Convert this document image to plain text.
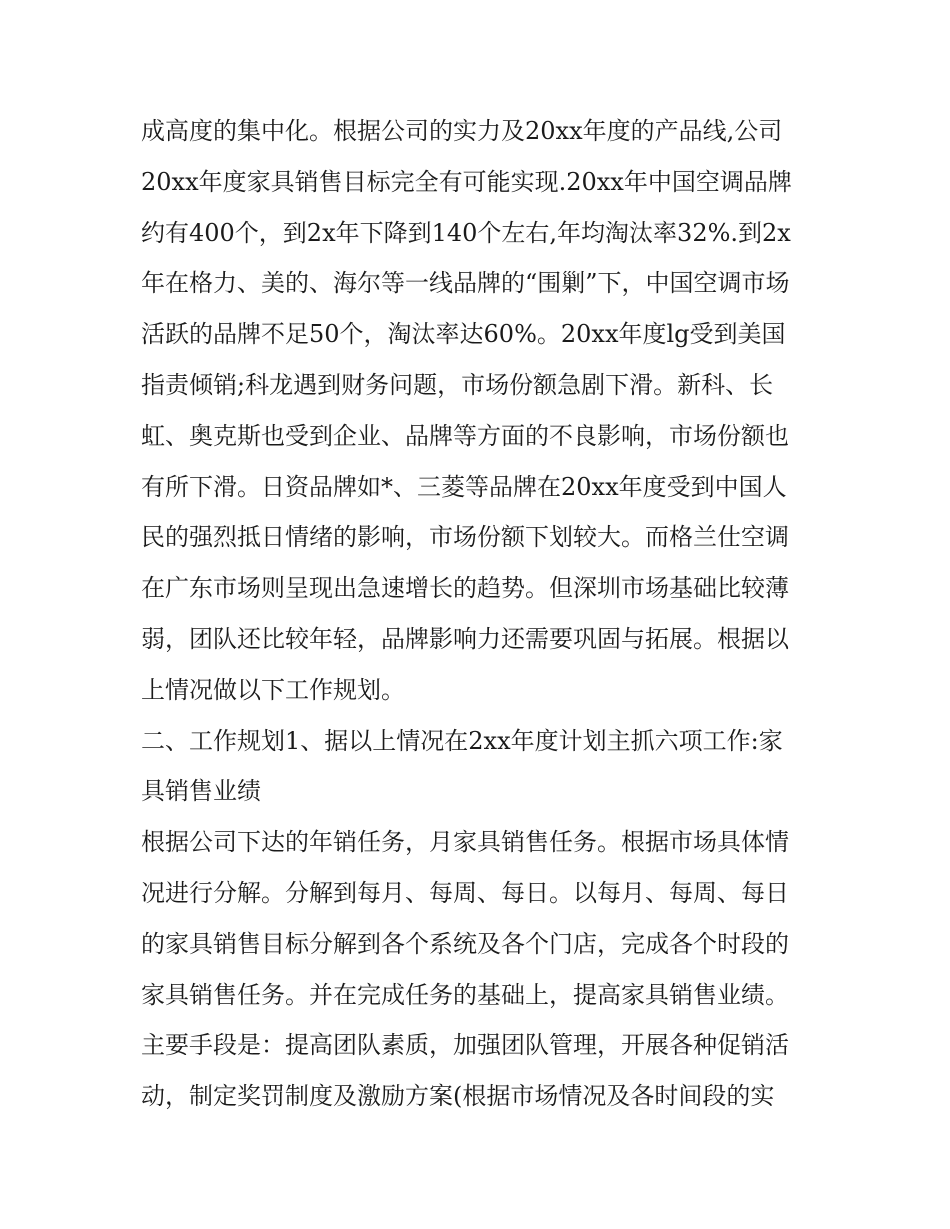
成高度的集中化。根据公司的实力及20xx年度的产品线,公司
20xx年度家具销售目标完全有可能实现.20xx年中国空调品牌
约有400个，到2x年下降到140个左右,年均淘汰率32%.到2x
年在格力、美的、海尔等一线品牌的“围剿”下，中国空调市场
活跃的品牌不足50个，淘汰率达60%。20xx年度lg受到美国
指责倾销;科龙遇到财务问题，市场份额急剧下滑。新科、长
虹、奥克斯也受到企业、品牌等方面的不良影响，市场份额也
有所下滑。日资品牌如*、三菱等品牌在20xx年度受到中国人
民的强烈抵日情绪的影响，市场份额下划较大。而格兰仕空调
在广东市场则呈现出急速增长的趋势。但深圳市场基础比较薄
弱，团队还比较年轻，品牌影响力还需要巩固与拓展。根据以
上情况做以下工作规划。
二、工作规划1、据以上情况在2xx年度计划主抓六项工作:家
具销售业绩
根据公司下达的年销任务，月家具销售任务。根据市场具体情
况进行分解。分解到每月、每周、每日。以每月、每周、每日
的家具销售目标分解到各个系统及各个门店，完成各个时段的
家具销售任务。并在完成任务的基础上，提高家具销售业绩。
主要手段是：提高团队素质，加强团队管理，开展各种促销活
动，制定奖罚制度及激励方案(根据市场情况及各时间段的实
